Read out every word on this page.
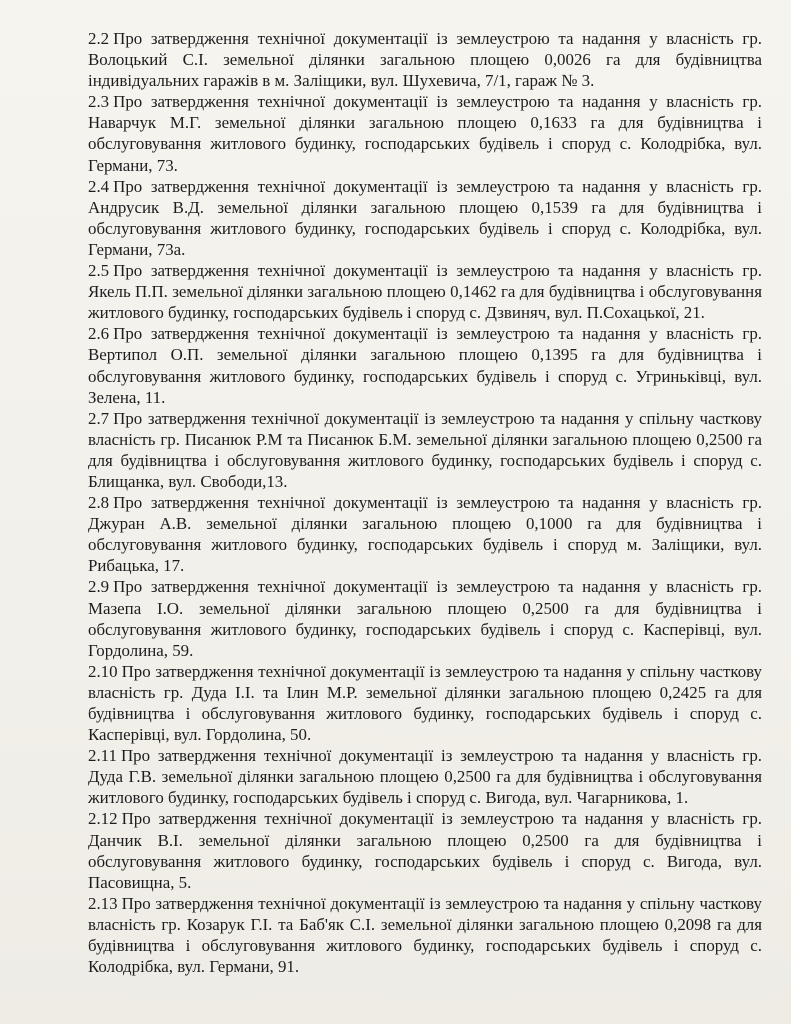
2.2 Про затвердження технічної документації із землеустрою та надання у власність гр. Волоцький С.І. земельної ділянки загальною площею 0,0026 га для будівництва індивідуальних гаражів в м. Заліщики, вул. Шухевича, 7/1, гараж № 3.

2.3 Про затвердження технічної документації із землеустрою та надання у власність гр. Наварчук М.Г. земельної ділянки загальною площею 0,1633 га для будівництва і обслуговування житлового будинку, господарських будівель і споруд с. Колодрібка, вул. Германи, 73.

2.4 Про затвердження технічної документації із землеустрою та надання у власність гр. Андрусик В.Д. земельної ділянки загальною площею 0,1539 га для будівництва і обслуговування житлового будинку, господарських будівель і споруд с. Колодрібка, вул. Германи, 73а.

2.5 Про затвердження технічної документації із землеустрою та надання у власність гр. Якель П.П. земельної ділянки загальною площею 0,1462 га для будівництва і обслуговування житлового будинку, господарських будівель і споруд с. Дзвиняч, вул. П.Сохацької, 21.

2.6 Про затвердження технічної документації із землеустрою та надання у власність гр. Вертипол О.П. земельної ділянки загальною площею 0,1395 га для будівництва і обслуговування житлового будинку, господарських будівель і споруд с. Угриньківці, вул. Зелена, 11.

2.7 Про затвердження технічної документації із землеустрою та надання у спільну часткову власність гр. Писанюк Р.М та Писанюк Б.М. земельної ділянки загальною площею 0,2500 га для будівництва і обслуговування житлового будинку, господарських будівель і споруд с. Блищанка, вул. Свободи,13.

2.8 Про затвердження технічної документації із землеустрою та надання у власність гр. Джуран А.В. земельної ділянки загальною площею 0,1000 га для будівництва і обслуговування житлового будинку, господарських будівель і споруд м. Заліщики, вул. Рибацька, 17.

2.9 Про затвердження технічної документації із землеустрою та надання у власність гр. Мазепа І.О. земельної ділянки загальною площею 0,2500 га для будівництва і обслуговування житлового будинку, господарських будівель і споруд с. Касперівці, вул. Гордолина, 59.

2.10 Про затвердження технічної документації із землеустрою та надання у спільну часткову власність гр. Дуда І.І. та Ілин М.Р. земельної ділянки загальною площею 0,2425 га для будівництва і обслуговування житлового будинку, господарських будівель і споруд с. Касперівці, вул. Гордолина, 50.

2.11 Про затвердження технічної документації із землеустрою та надання у власність гр. Дуда Г.В. земельної ділянки загальною площею 0,2500 га для будівництва і обслуговування житлового будинку, господарських будівель і споруд с. Вигода, вул. Чагарникова, 1.

2.12 Про затвердження технічної документації із землеустрою та надання у власність гр. Данчик В.І. земельної ділянки загальною площею 0,2500 га для будівництва і обслуговування житлового будинку, господарських будівель і споруд с. Вигода, вул. Пасовищна, 5.

2.13 Про затвердження технічної документації із землеустрою та надання у спільну часткову власність гр. Козарук Г.І. та Баб'як С.І. земельної ділянки загальною площею 0,2098 га для будівництва і обслуговування житлового будинку, господарських будівель і споруд с. Колодрібка, вул. Германи, 91.
